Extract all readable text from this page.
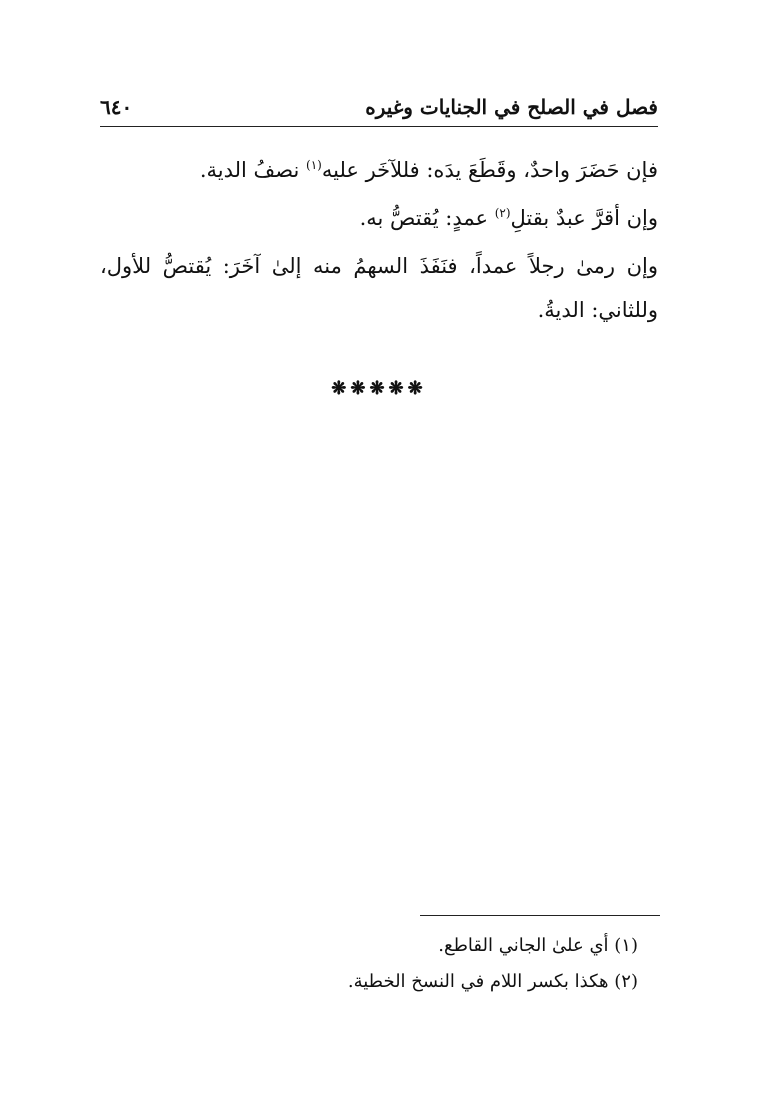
فصل في الصلح في الجنايات وغيره
٦٤٠

فإن حَضَرَ واحدٌ، وقَطَعَ يدَه: فللآخَر عليه$^{(١)}$ نصفُ الدية.

وإن أقرَّ عبدٌ بقتلِ$^{(٢)}$ عمدٍ: يُقتصُّ به.

وإن رمىٰ رجلاً عمداً، فنَفَذَ السهمُ منه إلىٰ آخَرَ: يُقتصُّ للأول، وللثاني: الديةُ.

❋❋❋❋❋

(١) أي علىٰ الجاني القاطع.

(٢) هكذا بكسر اللام في النسخ الخطية.
